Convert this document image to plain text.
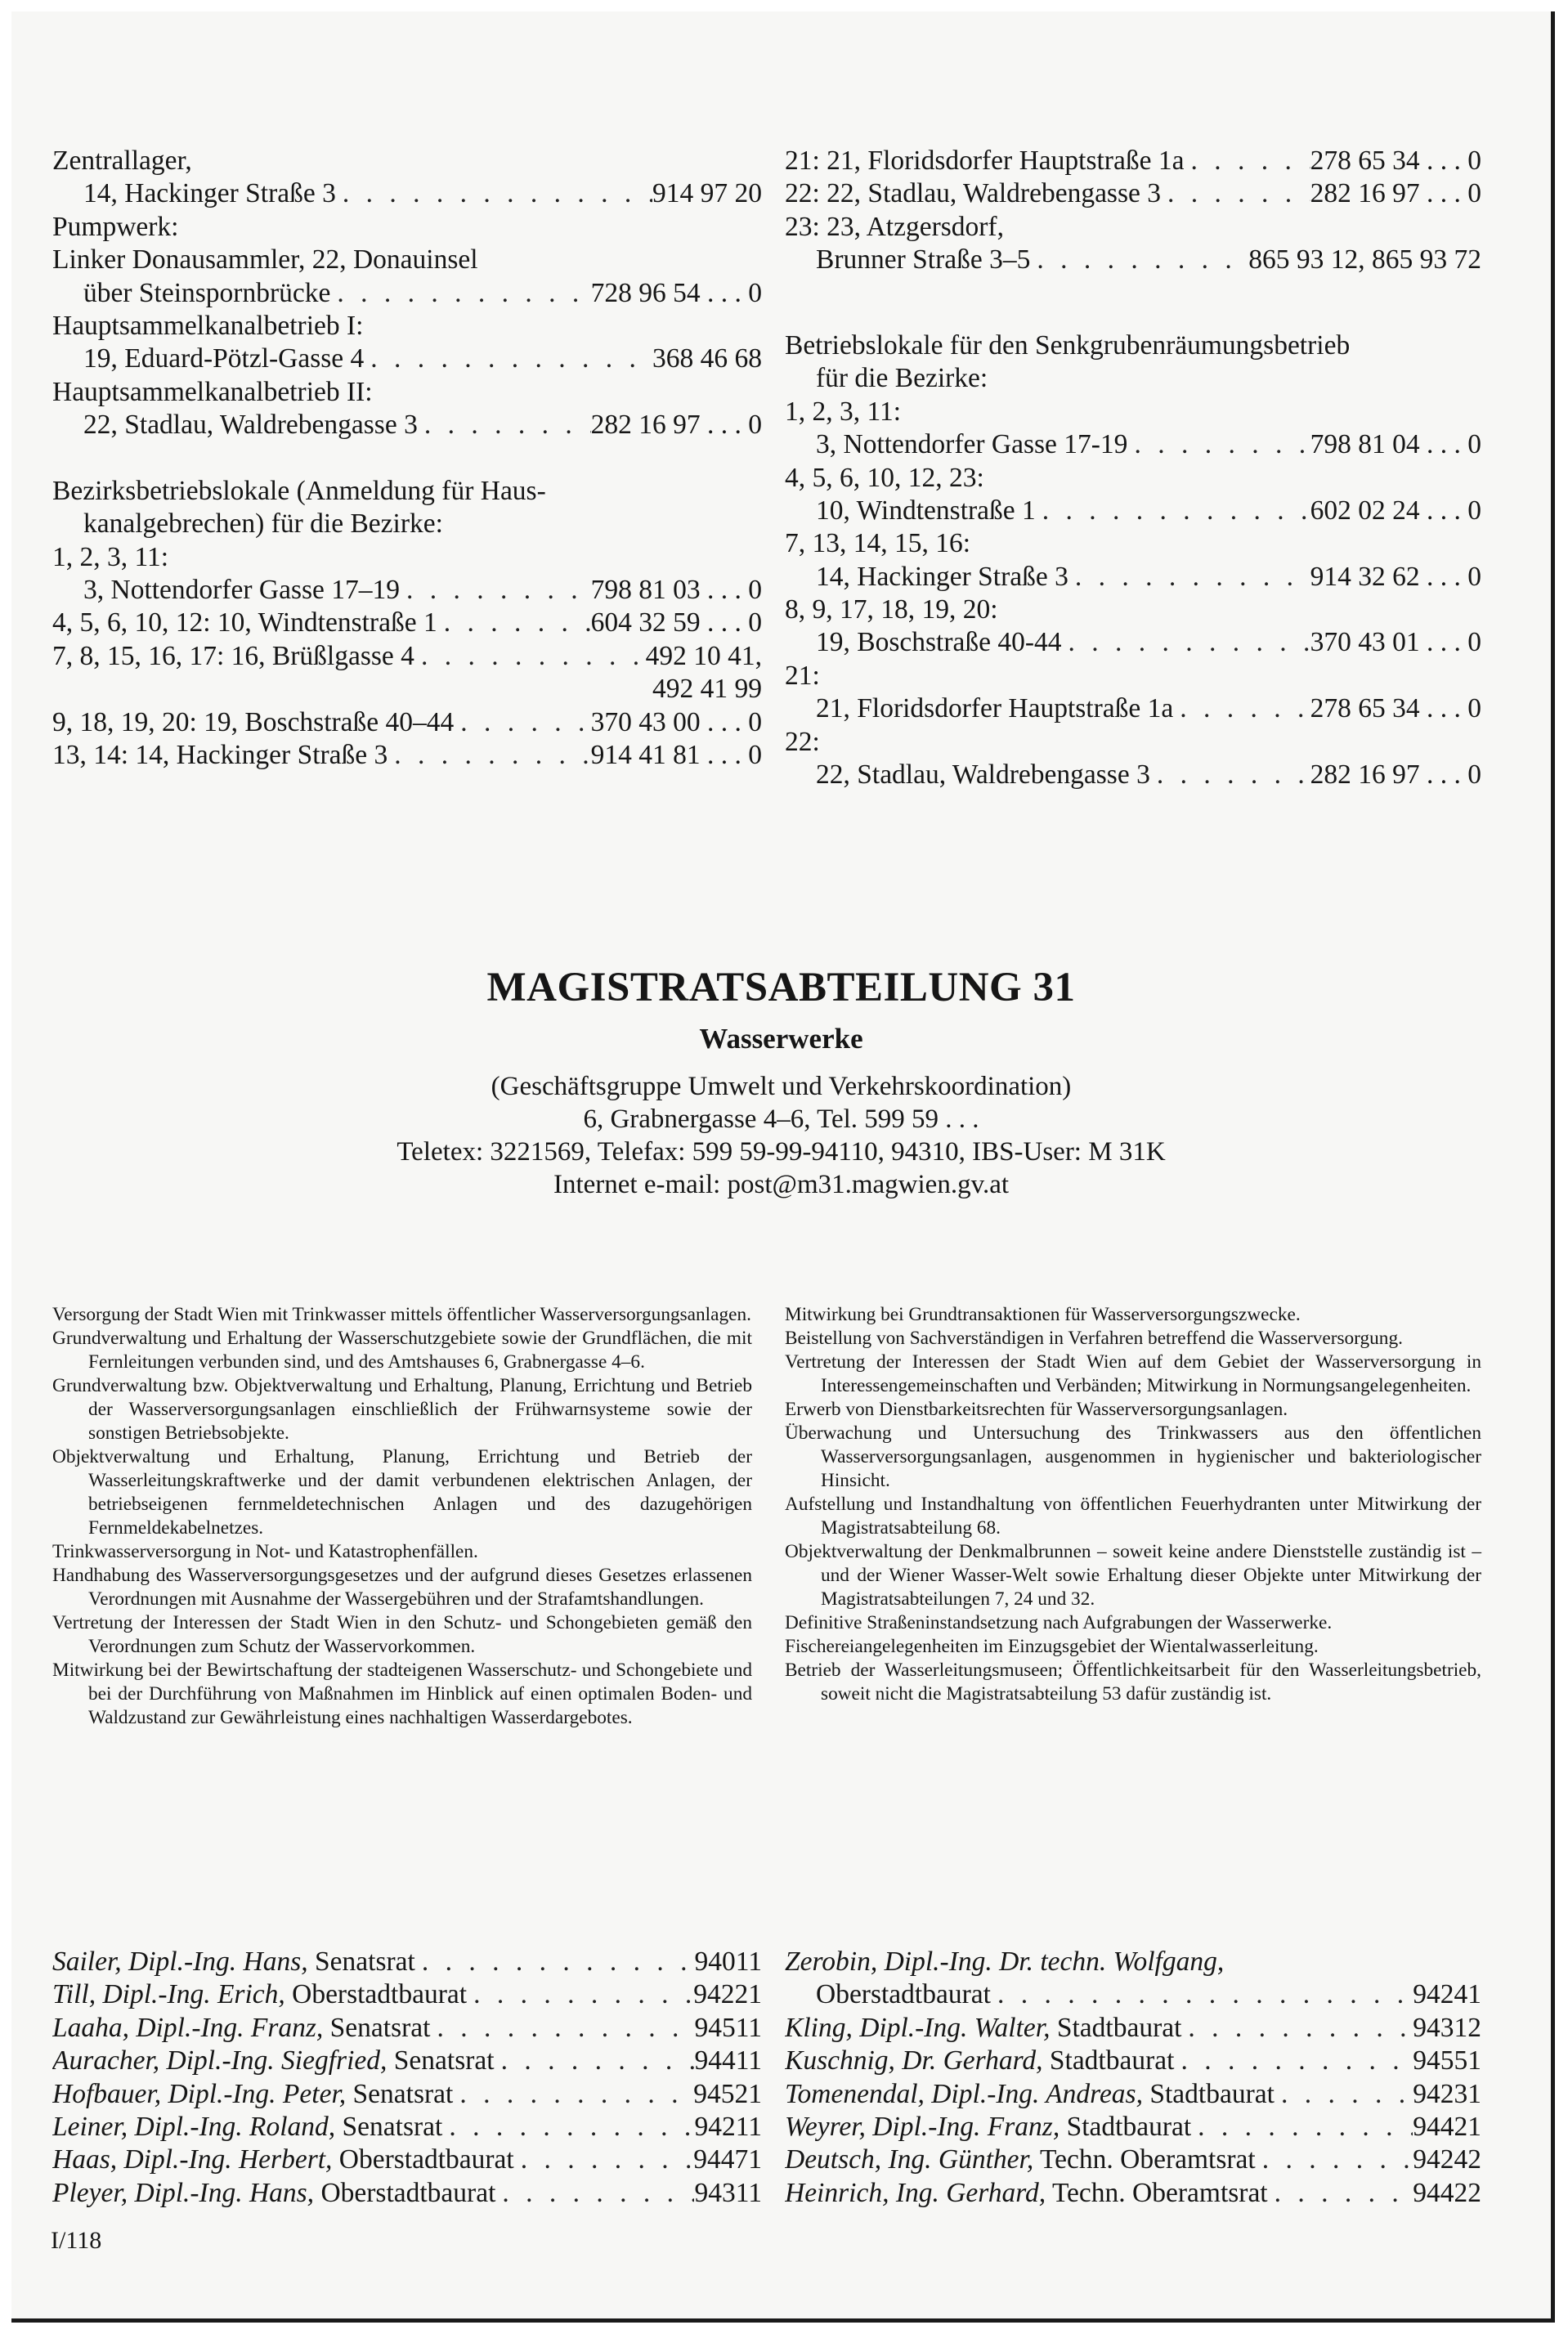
Zentrallager,
14, Hackinger Straße 3 . . .	914 97 20
Pumpwerk:
Linker Donausammler, 22, Donauinsel
über Steinspornbrücke . . .	728 96 54 . . . 0
Hauptsammelkanalbetrieb I:
19, Eduard-Pötzl-Gasse 4 . . .	368 46 68
Hauptsammelkanalbetrieb II:
22, Stadlau, Waldrebengasse 3 . . .	282 16 97 . . . 0
Bezirksbetriebslokale (Anmeldung für Haus-
kanalgebrechen) für die Bezirke:
1, 2, 3, 11:
3, Nottendorfer Gasse 17–19 . . .	798 81 03 . . . 0
4, 5, 6, 10, 12: 10, Windtenstraße 1 . . .	604 32 59 . . . 0
7, 8, 15, 16, 17: 16, Brüßlgasse 4 . . .	492 10 41,
492 41 99
9, 18, 19, 20: 19, Boschstraße 40–44 . . .	370 43 00 . . . 0
13, 14: 14, Hackinger Straße 3 . . .	914 41 81 . . . 0
21: 21, Floridsdorfer Hauptstraße 1a . . .	278 65 34 . . . 0
22: 22, Stadlau, Waldrebengasse 3 . . .	282 16 97 . . . 0
23: 23, Atzgersdorf,
Brunner Straße 3–5 . . .	865 93 12, 865 93 72
Betriebslokale für den Senkgrubenräumungsbetrieb
für die Bezirke:
1, 2, 3, 11:
3, Nottendorfer Gasse 17-19 . . .	798 81 04 . . . 0
4, 5, 6, 10, 12, 23:
10, Windtenstraße 1 . . .	602 02 24 . . . 0
7, 13, 14, 15, 16:
14, Hackinger Straße 3 . . .	914 32 62 . . . 0
8, 9, 17, 18, 19, 20:
19, Boschstraße 40-44 . . .	370 43 01 . . . 0
21:
21, Floridsdorfer Hauptstraße 1a . . .	278 65 34 . . . 0
22:
22, Stadlau, Waldrebengasse 3 . . .	282 16 97 . . . 0
MAGISTRATSABTEILUNG 31
Wasserwerke
(Geschäftsgruppe Umwelt und Verkehrskoordination)
6, Grabnergasse 4–6, Tel. 599 59 . . .
Teletex: 3221569, Telefax: 599 59-99-94110, 94310, IBS-User: M 31K
Internet e-mail: post@m31.magwien.gv.at
Versorgung der Stadt Wien mit Trinkwasser mittels öffentlicher Wasserversorgungsanlagen.
Grundverwaltung und Erhaltung der Wasserschutzgebiete sowie der Grundflächen, die mit Fernleitungen verbunden sind, und des Amtshauses 6, Grabnergasse 4–6.
Grundverwaltung bzw. Objektverwaltung und Erhaltung, Planung, Errichtung und Betrieb der Wasserversorgungsanlagen einschließlich der Frühwarnsysteme sowie der sonstigen Betriebsobjekte.
Objektverwaltung und Erhaltung, Planung, Errichtung und Betrieb der Wasserleitungskraftwerke und der damit verbundenen elektrischen Anlagen, der betriebseigenen fernmeldetechnischen Anlagen und des dazugehörigen Fernmeldekabelnetzes.
Trinkwasserversorgung in Not- und Katastrophenfällen.
Handhabung des Wasserversorgungsgesetzes und der aufgrund dieses Gesetzes erlassenen Verordnungen mit Ausnahme der Wassergebühren und der Strafamtshandlungen.
Vertretung der Interessen der Stadt Wien in den Schutz- und Schongebieten gemäß den Verordnungen zum Schutz der Wasservorkommen.
Mitwirkung bei der Bewirtschaftung der stadteigenen Wasserschutz- und Schongebiete und bei der Durchführung von Maßnahmen im Hinblick auf einen optimalen Boden- und Waldzustand zur Gewährleistung eines nachhaltigen Wasserdargebotes.
Mitwirkung bei Grundtransaktionen für Wasserversorgungszwecke.
Beistellung von Sachverständigen in Verfahren betreffend die Wasserversorgung.
Vertretung der Interessen der Stadt Wien auf dem Gebiet der Wasserversorgung in Interessengemeinschaften und Verbänden; Mitwirkung in Normungsangelegenheiten.
Erwerb von Dienstbarkeitsrechten für Wasserversorgungsanlagen.
Überwachung und Untersuchung des Trinkwassers aus den öffentlichen Wasserversorgungsanlagen, ausgenommen in hygienischer und bakteriologischer Hinsicht.
Aufstellung und Instandhaltung von öffentlichen Feuerhydranten unter Mitwirkung der Magistratsabteilung 68.
Objektverwaltung der Denkmalbrunnen – soweit keine andere Dienststelle zuständig ist – und der Wiener Wasser-Welt sowie Erhaltung dieser Objekte unter Mitwirkung der Magistratsabteilungen 7, 24 und 32.
Definitive Straßeninstandsetzung nach Aufgrabungen der Wasserwerke.
Fischereiangelegenheiten im Einzugsgebiet der Wientalwasserleitung.
Betrieb der Wasserleitungsmuseen; Öffentlichkeitsarbeit für den Wasserleitungsbetrieb, soweit nicht die Magistratsabteilung 53 dafür zuständig ist.
Sailer, Dipl.-Ing. Hans, Senatsrat . . .	94011
Till, Dipl.-Ing. Erich, Oberstadtbaurat . . .	94221
Laaha, Dipl.-Ing. Franz, Senatsrat . . .	94511
Auracher, Dipl.-Ing. Siegfried, Senatsrat . . .	94411
Hofbauer, Dipl.-Ing. Peter, Senatsrat . . .	94521
Leiner, Dipl.-Ing. Roland, Senatsrat . . .	94211
Haas, Dipl.-Ing. Herbert, Oberstadtbaurat . . .	94471
Pleyer, Dipl.-Ing. Hans, Oberstadtbaurat . . .	94311
Zerobin, Dipl.-Ing. Dr. techn. Wolfgang,
Oberstadtbaurat . . .	94241
Kling, Dipl.-Ing. Walter, Stadtbaurat . . .	94312
Kuschnig, Dr. Gerhard, Stadtbaurat . . .	94551
Tomenendal, Dipl.-Ing. Andreas, Stadtbaurat . . .	94231
Weyrer, Dipl.-Ing. Franz, Stadtbaurat . . .	94421
Deutsch, Ing. Günther, Techn. Oberamtsrat . . .	94242
Heinrich, Ing. Gerhard, Techn. Oberamtsrat . . .	94422
I/118
